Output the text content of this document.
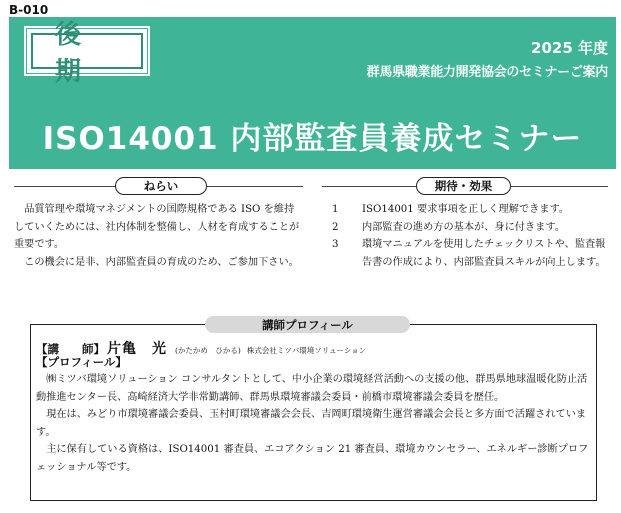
B-010
後期
2025 年度
群馬県職業能力開発協会のセミナーご案内
ISO14001 内部監査員養成セミナー
ねらい

品質管理や環境マネジメントの国際規格である ISO を維持していくためには、社内体制を整備し、人材を育成することが重要です。

この機会に是非、内部監査員の育成のため、ご参加下さい。

期待・効果
1	ISO14001 要求事項を正しく理解できます。
2	内部監査の進め方の基本が、身に付きます。
3	環境マニュアルを使用したチェックリストや、監査報告書の作成により、内部監査員スキルが向上します。
講師プロフィール
【講　　師】 片亀　光 (かたかめ　ひかる) 株式会社ミツバ環境ソリューション
【プロフィール】

㈱ミツバ環境ソリューション コンサルタントとして、中小企業の環境経営活動への支援の他、群馬県地球温暖化防止活動推進センター長、高崎経済大学非常勤講師、群馬県環境審議会委員・前橋市環境審議会委員を歴任。

現在は、みどり市環境審議会委員、玉村町環境審議会会長、吉岡町環境衛生運営審議会会長と多方面で活躍されています。

主に保有している資格は、ISO14001 審査員、エコアクション 21 審査員、環境カウンセラー、エネルギー診断プロフェッショナル等です。
